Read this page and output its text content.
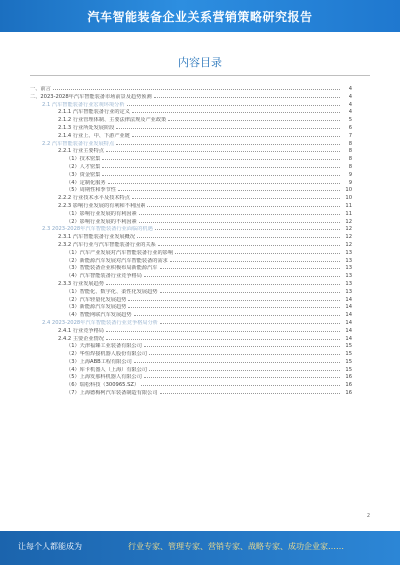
汽车智能装备企业关系营销策略研究报告
内容目录
一、前言	4
二、2023-2028年汽车智能装备市场前景及趋势预测	4
2.1 汽车智能装备行业宏观环境分析	4
2.1.1 汽车智能装备行业的定义	4
2.1.2 行业管理体制、主要法律法规及产业政策	5
2.1.3 行业所处发展阶段	6
2.1.4 行业上、中、下游产业链	7
2.2 汽车智能装备行业发展特点	8
2.2.1 行业主要特点	8
（1）技术密集	8
（2）人才密集	8
（3）资金密集	9
（4）定制化服务	9
（5）周期性和季节性	10
2.2.2 行业技术水平及技术特点	10
2.2.3 影响行业发展的有利和不利因素	11
（1）影响行业发展的有利因素	11
（2）影响行业发展的不利因素	12
2.3 2023-2028年汽车智能装备行业面临的机遇	12
2.3.1 汽车智能装备行业发展概况	12
2.3.2 汽车行业与汽车智能装备行业的关系	12
（1）汽车产业发展对汽车智能装备行业的影响	13
（2）新能源汽车发展对汽车智能装备的需求	13
（3）智能装备企业积极布局新能源汽车	13
（4）汽车智能装备行业竞争格局	13
2.3.3 行业发展趋势	13
（1）智能化、数字化、柔性化发展趋势	13
（2）汽车轻量化发展趋势	14
（3）新能源汽车发展趋势	14
（4）智能网联汽车发展趋势	14
2.4 2023-2028年汽车智能装备行业竞争格局分析	14
2.4.1 行业竞争格局	14
2.4.2 主要企业情况	14
（1）天津福臻工业装备有限公司	15
（2）华恒焊接机器人股份有限公司	15
（3）上海ABB工程有限公司	15
（4）库卡机器人（上海）有限公司	15
（5）上海发那科机器人有限公司	16
（6）瑞松科技（300965.SZ）	16
（7）上海德梅柯汽车装备制造有限公司	16
2
让每个人都能成为	行业专家、管理专家、营销专家、战略专家、成功企业家……
